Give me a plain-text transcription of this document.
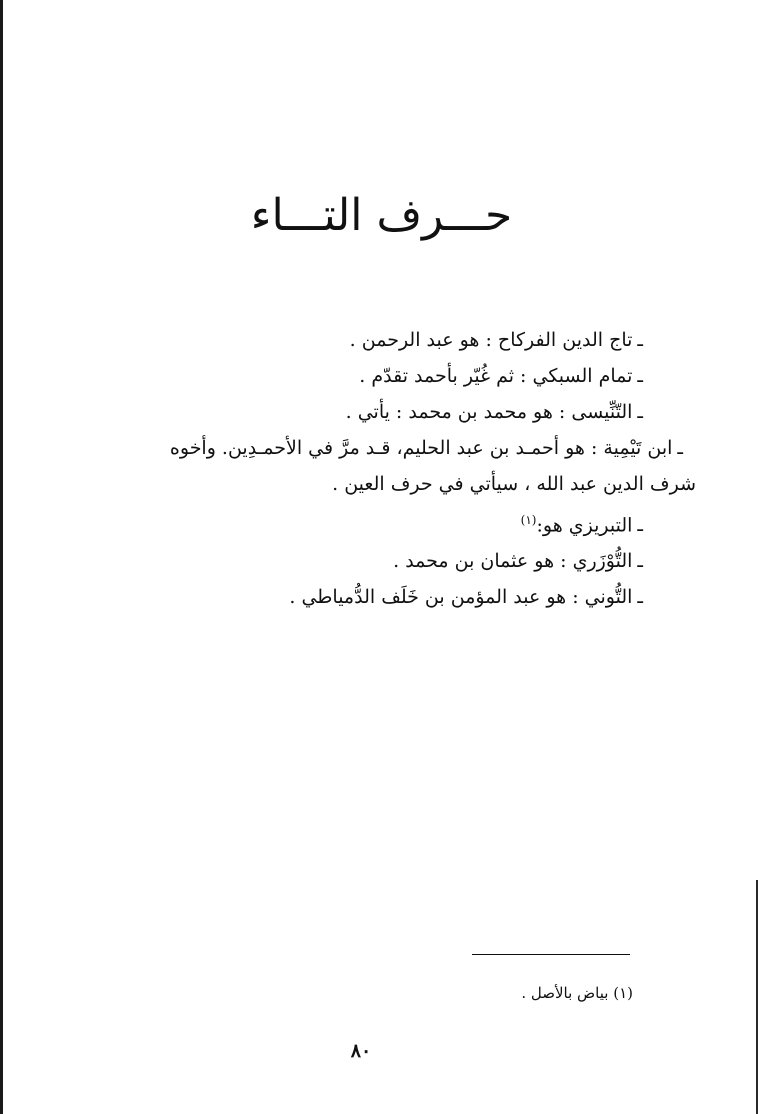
حـــرف التـــاء
ـتاج الدين الفركاح : هو عبد الرحمن .
ـتمام السبكي : ثم غُيّر بأحمد تقدّم .
ـالتّنِّيسى : هو محمد بن محمد : يأتي .
ـابن تَيْمِية : هو أحمـد بن عبد الحليم، قـد مرَّ في الأحمـدِين. وأخوه
شرف الدين عبد الله ، سيأتي في حرف العين .
ـالتبريزي هو:$^{(١)}$
ـالتُّوْزَري : هو عثمان بن محمد .
ـالتُّوني : هو عبد المؤمن بن خَلَف الدُّمياطي .

(١) بياض بالأصل .

٨٠
